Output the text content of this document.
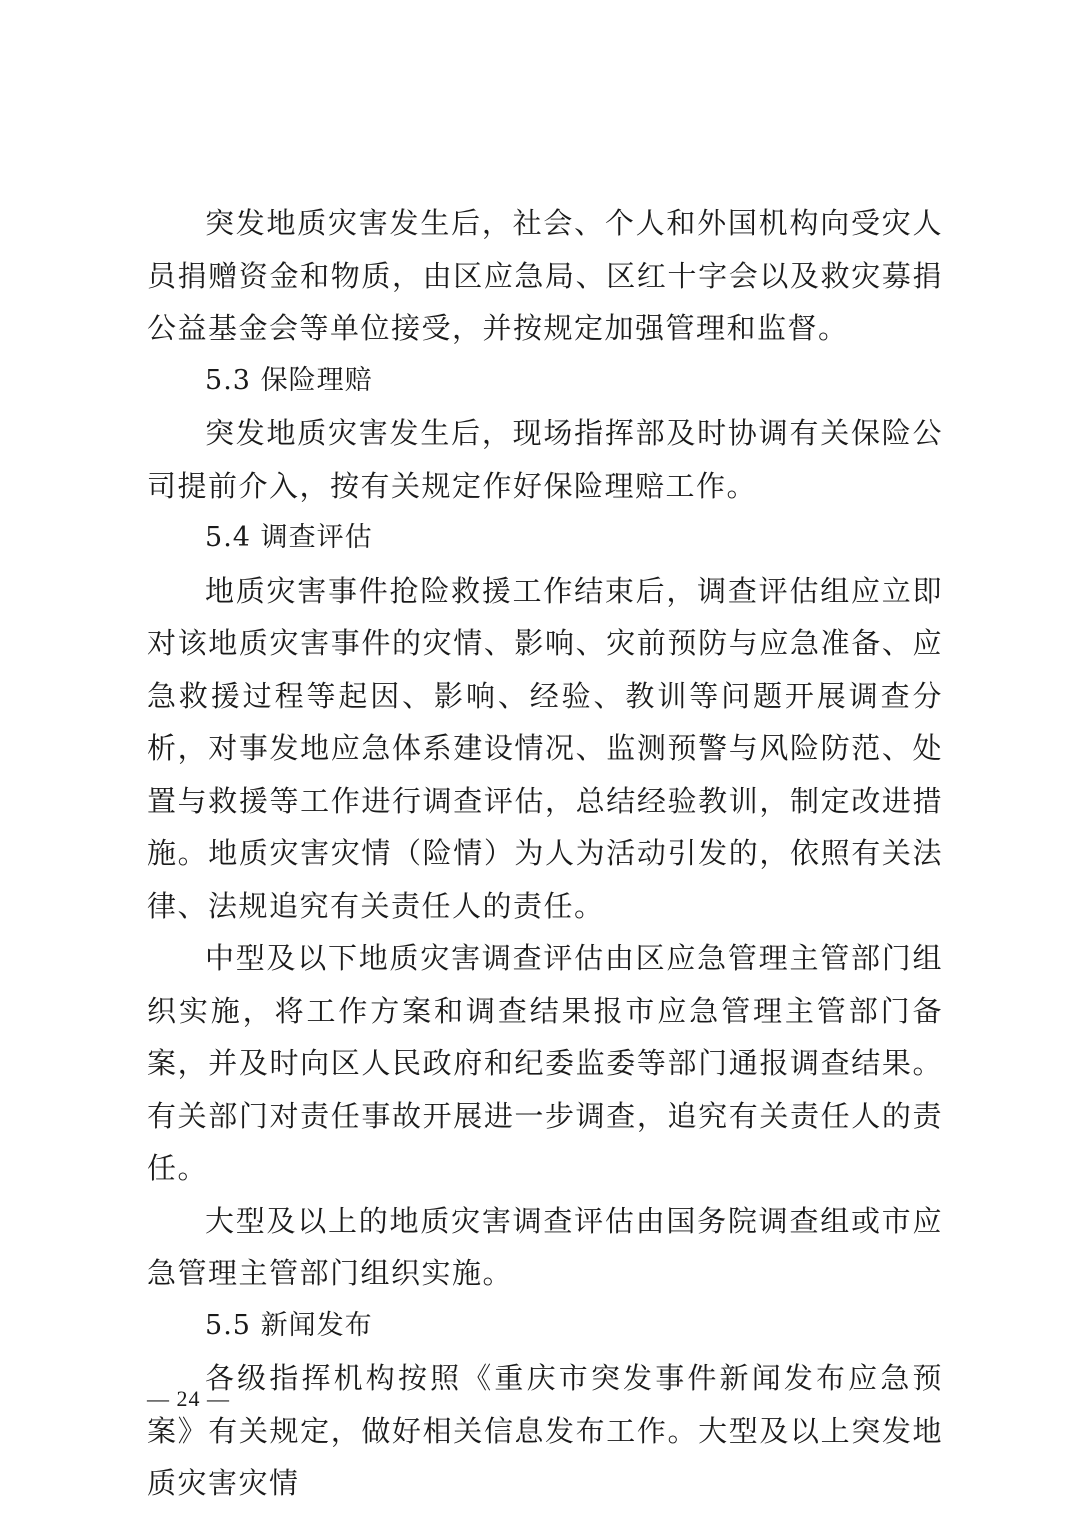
突发地质灾害发生后，社会、个人和外国机构向受灾人员捐赠资金和物质，由区应急局、区红十字会以及救灾募捐公益基金会等单位接受，并按规定加强管理和监督。

5.3 保险理赔

突发地质灾害发生后，现场指挥部及时协调有关保险公司提前介入，按有关规定作好保险理赔工作。

5.4 调查评估

地质灾害事件抢险救援工作结束后，调查评估组应立即对该地质灾害事件的灾情、影响、灾前预防与应急准备、应急救援过程等起因、影响、经验、教训等问题开展调查分析，对事发地应急体系建设情况、监测预警与风险防范、处置与救援等工作进行调查评估，总结经验教训，制定改进措施。地质灾害灾情（险情）为人为活动引发的，依照有关法律、法规追究有关责任人的责任。

中型及以下地质灾害调查评估由区应急管理主管部门组织实施，将工作方案和调查结果报市应急管理主管部门备案，并及时向区人民政府和纪委监委等部门通报调查结果。有关部门对责任事故开展进一步调查，追究有关责任人的责任。

大型及以上的地质灾害调查评估由国务院调查组或市应急管理主管部门组织实施。

5.5 新闻发布

各级指挥机构按照《重庆市突发事件新闻发布应急预案》有关规定，做好相关信息发布工作。大型及以上突发地质灾害灾情

— 24 —
